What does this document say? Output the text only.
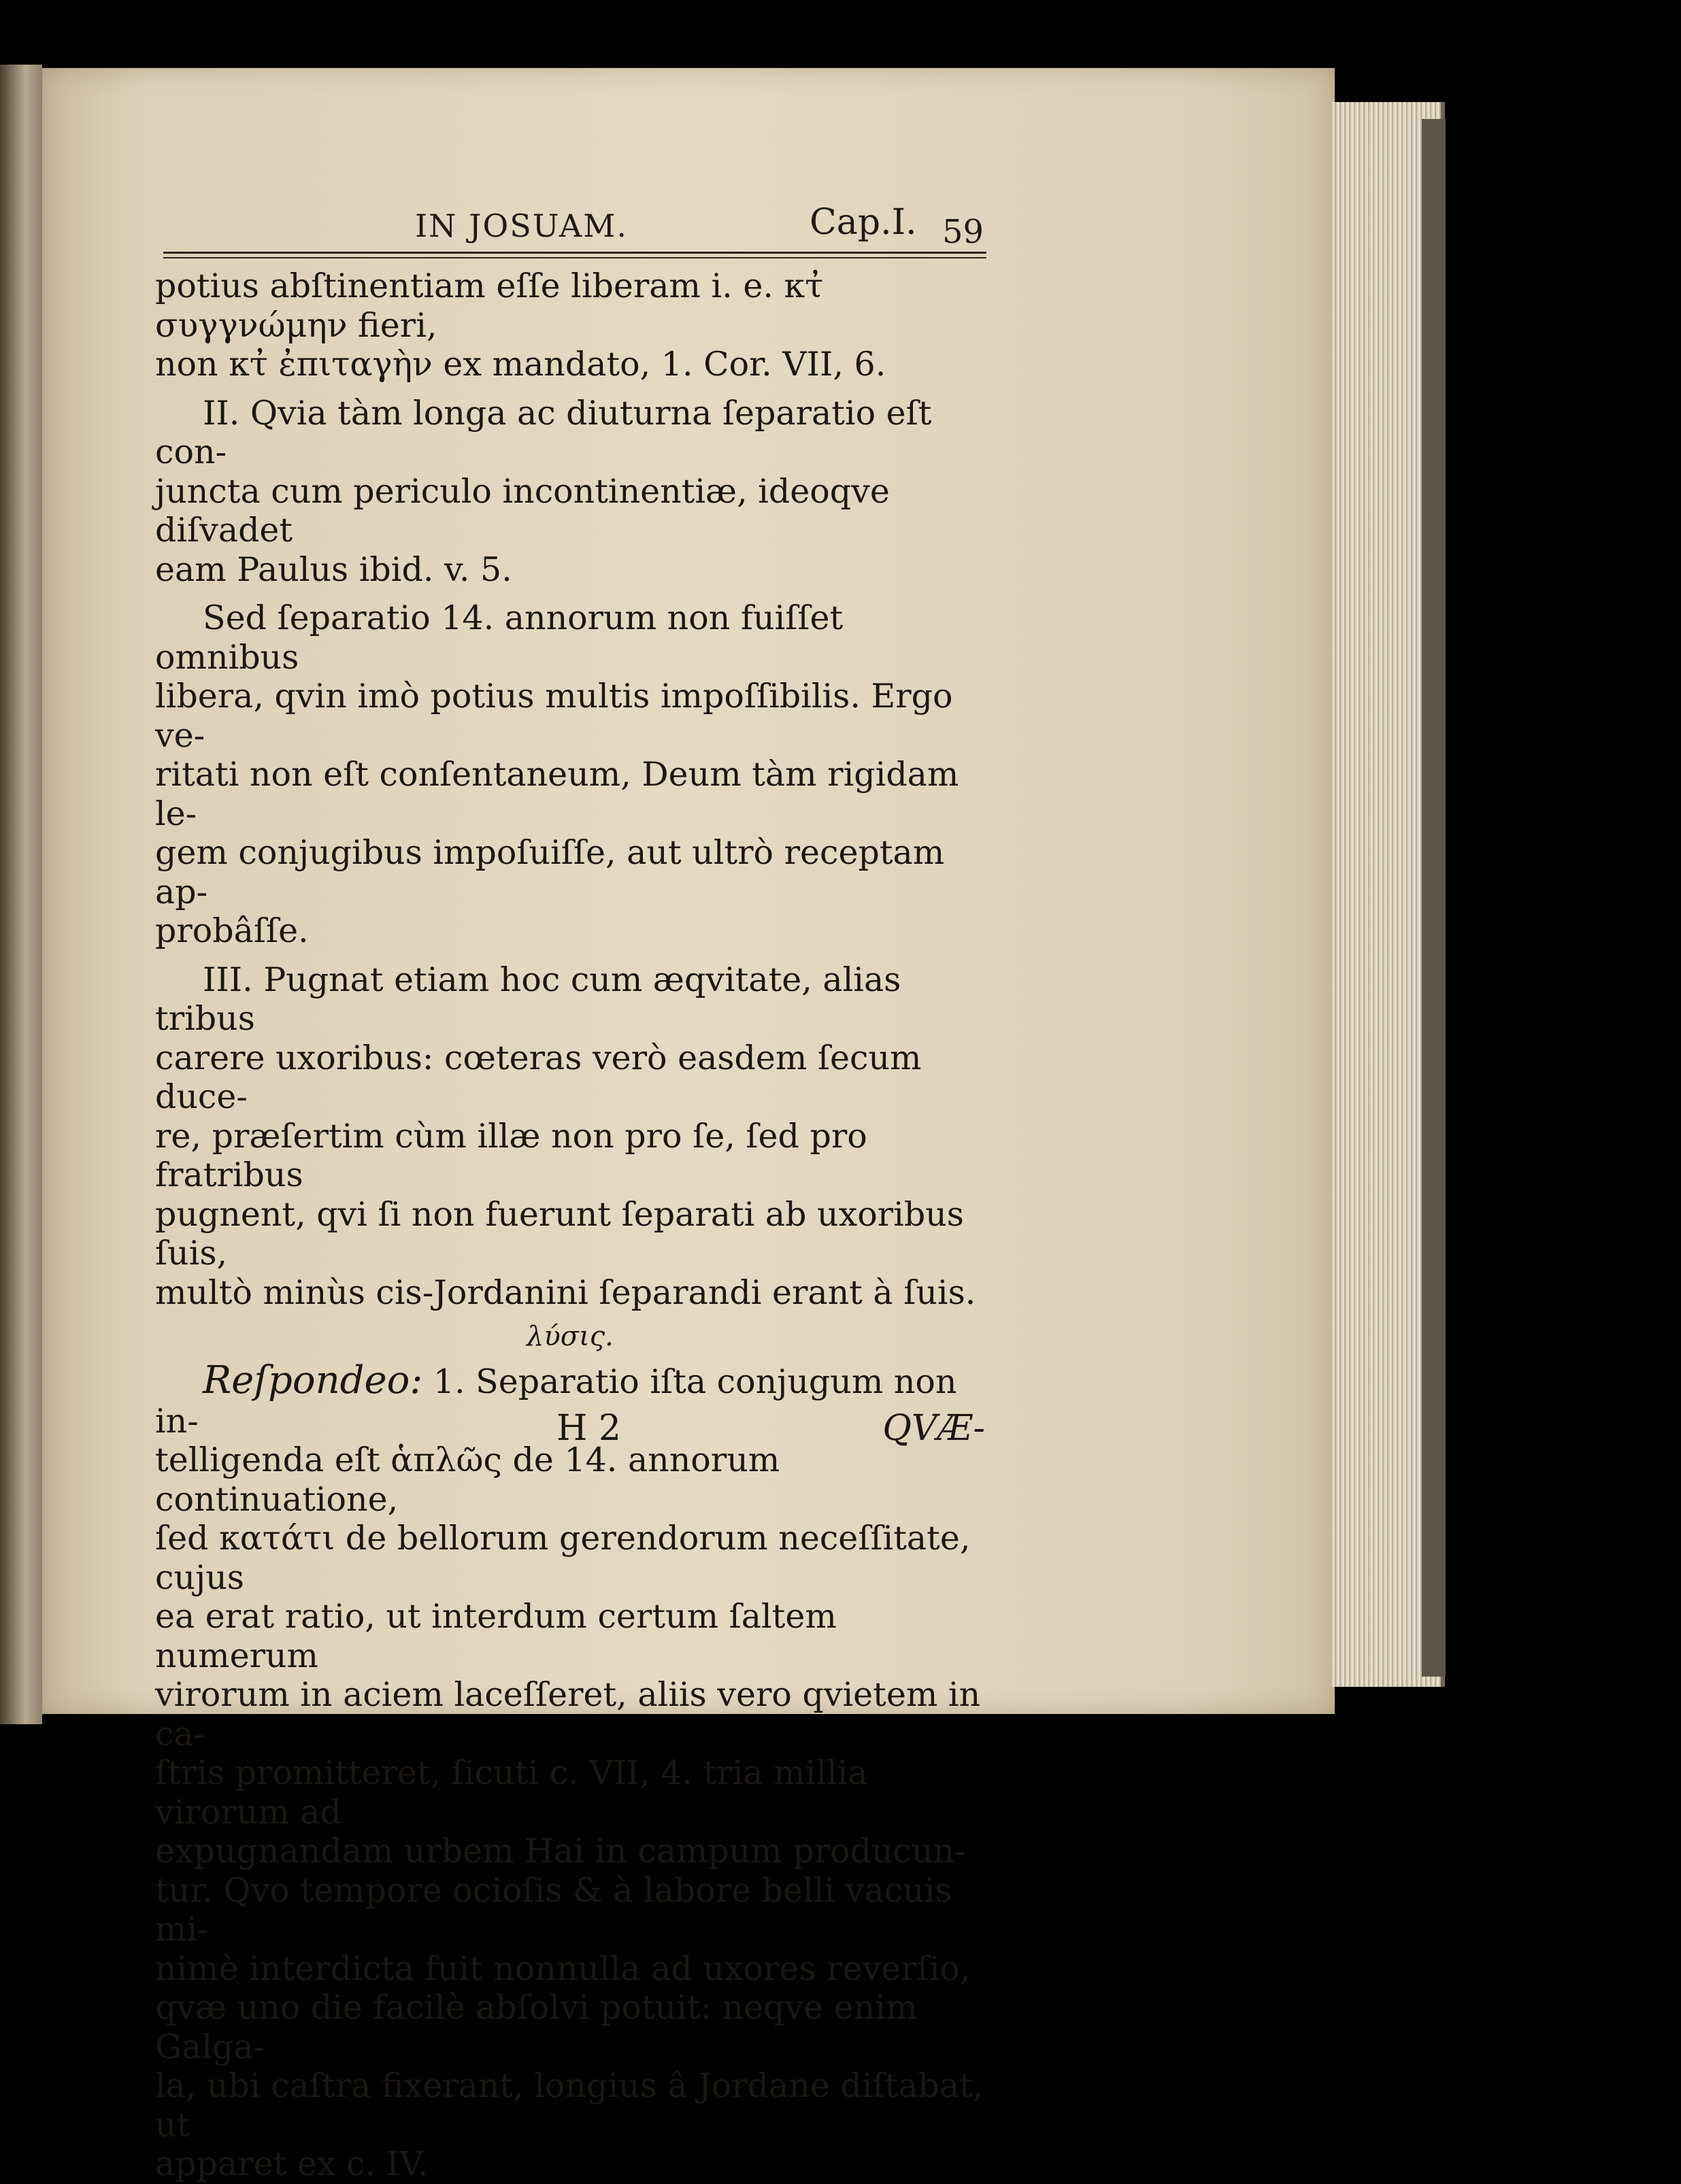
IN JOSUAM.	Cap.I. 59

potius abſtinentiam eſſe liberam i. e. κτ̓ συγγνώμην fieri,

non κτ̓ ἐπιταγὴν ex mandato, 1. Cor. VII, 6.

II. Qvia tàm longa ac diuturna ſeparatio eſt con-

juncta cum periculo incontinentiæ, ideoqve diſvadet

eam Paulus ibid. v. 5.

Sed ſeparatio 14. annorum non fuiſſet omnibus

libera, qvin imò potius multis impoſſibilis. Ergo ve-

ritati non eſt conſentaneum, Deum tàm rigidam le-

gem conjugibus impoſuiſſe, aut ultrò receptam ap-

probâſſe.

III. Pugnat etiam hoc cum æqvitate, alias tribus

carere uxoribus: cœteras verò easdem ſecum duce-

re, præſertim cùm illæ non pro ſe, ſed pro fratribus

pugnent, qvi ſi non fuerunt ſeparati ab uxoribus ſuis,

multò minùs cis-Jordanini ſeparandi erant à ſuis.

λύσις.

Reſpondeo: 1. Separatio iſta conjugum non in-

telligenda eſt ἁπλῶς de 14. annorum continuatione,

ſed κατάτι de bellorum gerendorum neceſſitate, cujus

ea erat ratio, ut interdum certum ſaltem numerum

virorum in aciem laceſſeret, aliis vero qvietem in ca-

ſtris promitteret, ſicuti c. VII, 4. tria millia virorum ad

expugnandam urbem Hai in campum producun-

tur. Qvo tempore ocioſis & à labore belli vacuis mi-

nimè interdicta fuit nonnulla ad uxores reverſio,

qvæ uno die facilè abſolvi potuit: neqve enim Galga-

la, ubi caſtra fixerant, longius â Jordane diſtabat, ut

apparet ex c. IV.

H 2	QVÆ-
